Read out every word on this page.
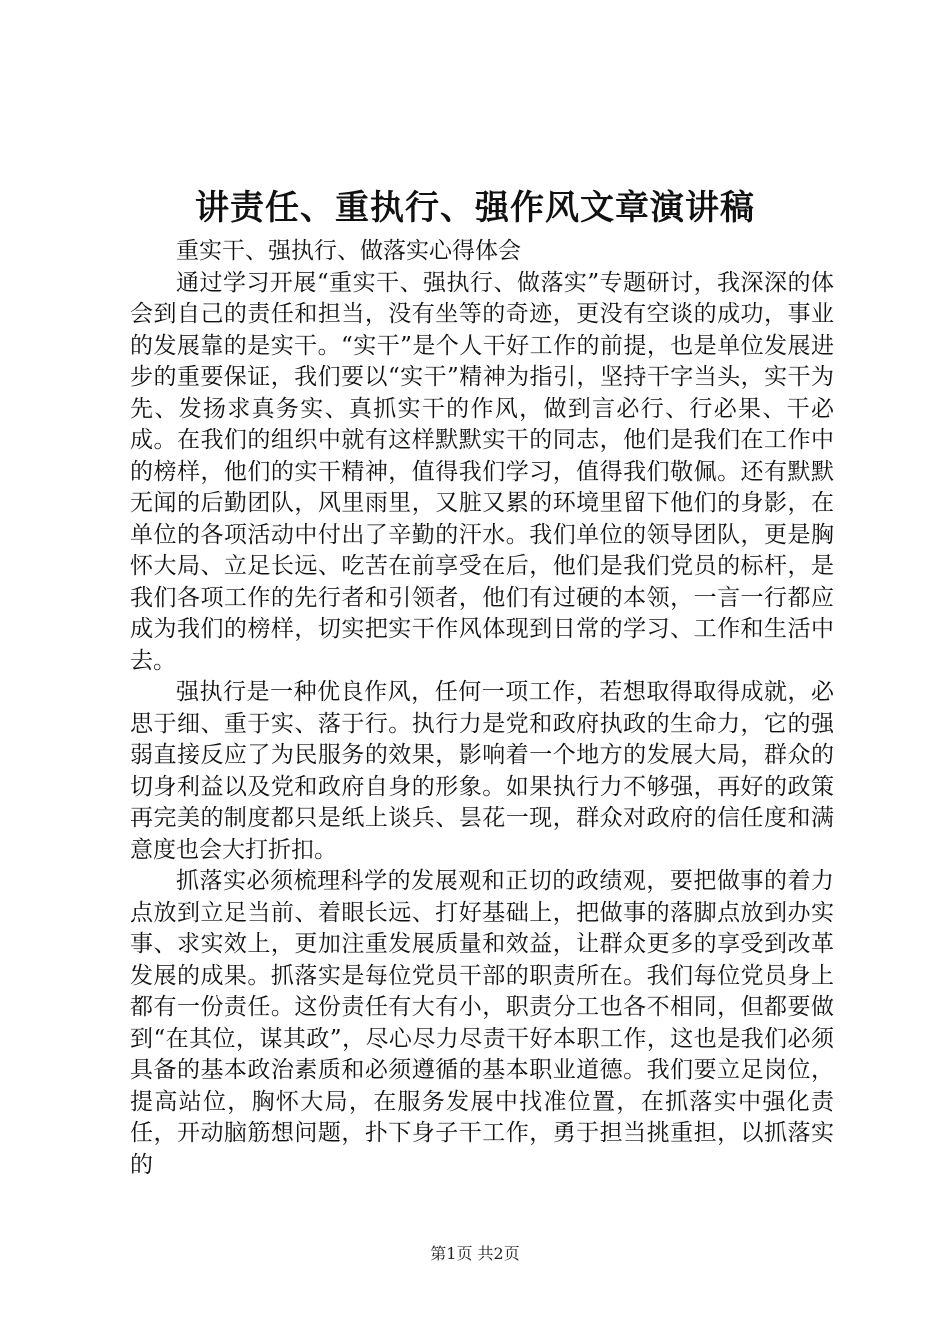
讲责任、重执行、强作风文章演讲稿

重实干、强执行、做落实心得体会

通过学习开展“重实干、强执行、做落实”专题研讨，我深深的体会到自己的责任和担当，没有坐等的奇迹，更没有空谈的成功，事业的发展靠的是实干。“实干”是个人干好工作的前提，也是单位发展进步的重要保证，我们要以“实干”精神为指引，坚持干字当头，实干为先、发扬求真务实、真抓实干的作风，做到言必行、行必果、干必成。在我们的组织中就有这样默默实干的同志，他们是我们在工作中的榜样，他们的实干精神，值得我们学习，值得我们敬佩。还有默默无闻的后勤团队，风里雨里，又脏又累的环境里留下他们的身影，在单位的各项活动中付出了辛勤的汗水。我们单位的领导团队，更是胸怀大局、立足长远、吃苦在前享受在后，他们是我们党员的标杆，是我们各项工作的先行者和引领者，他们有过硬的本领，一言一行都应成为我们的榜样，切实把实干作风体现到日常的学习、工作和生活中去。

强执行是一种优良作风，任何一项工作，若想取得取得成就，必思于细、重于实、落于行。执行力是党和政府执政的生命力，它的强弱直接反应了为民服务的效果，影响着一个地方的发展大局，群众的切身利益以及党和政府自身的形象。如果执行力不够强，再好的政策再完美的制度都只是纸上谈兵、昙花一现，群众对政府的信任度和满意度也会大打折扣。

抓落实必须梳理科学的发展观和正切的政绩观，要把做事的着力点放到立足当前、着眼长远、打好基础上，把做事的落脚点放到办实事、求实效上，更加注重发展质量和效益，让群众更多的享受到改革发展的成果。抓落实是每位党员干部的职责所在。我们每位党员身上都有一份责任。这份责任有大有小，职责分工也各不相同，但都要做到“在其位，谋其政”，尽心尽力尽责干好本职工作，这也是我们必须具备的基本政治素质和必须遵循的基本职业道德。我们要立足岗位，提高站位，胸怀大局，在服务发展中找准位置，在抓落实中强化责任，开动脑筋想问题，扑下身子干工作，勇于担当挑重担，以抓落实的

第1页 共2页
